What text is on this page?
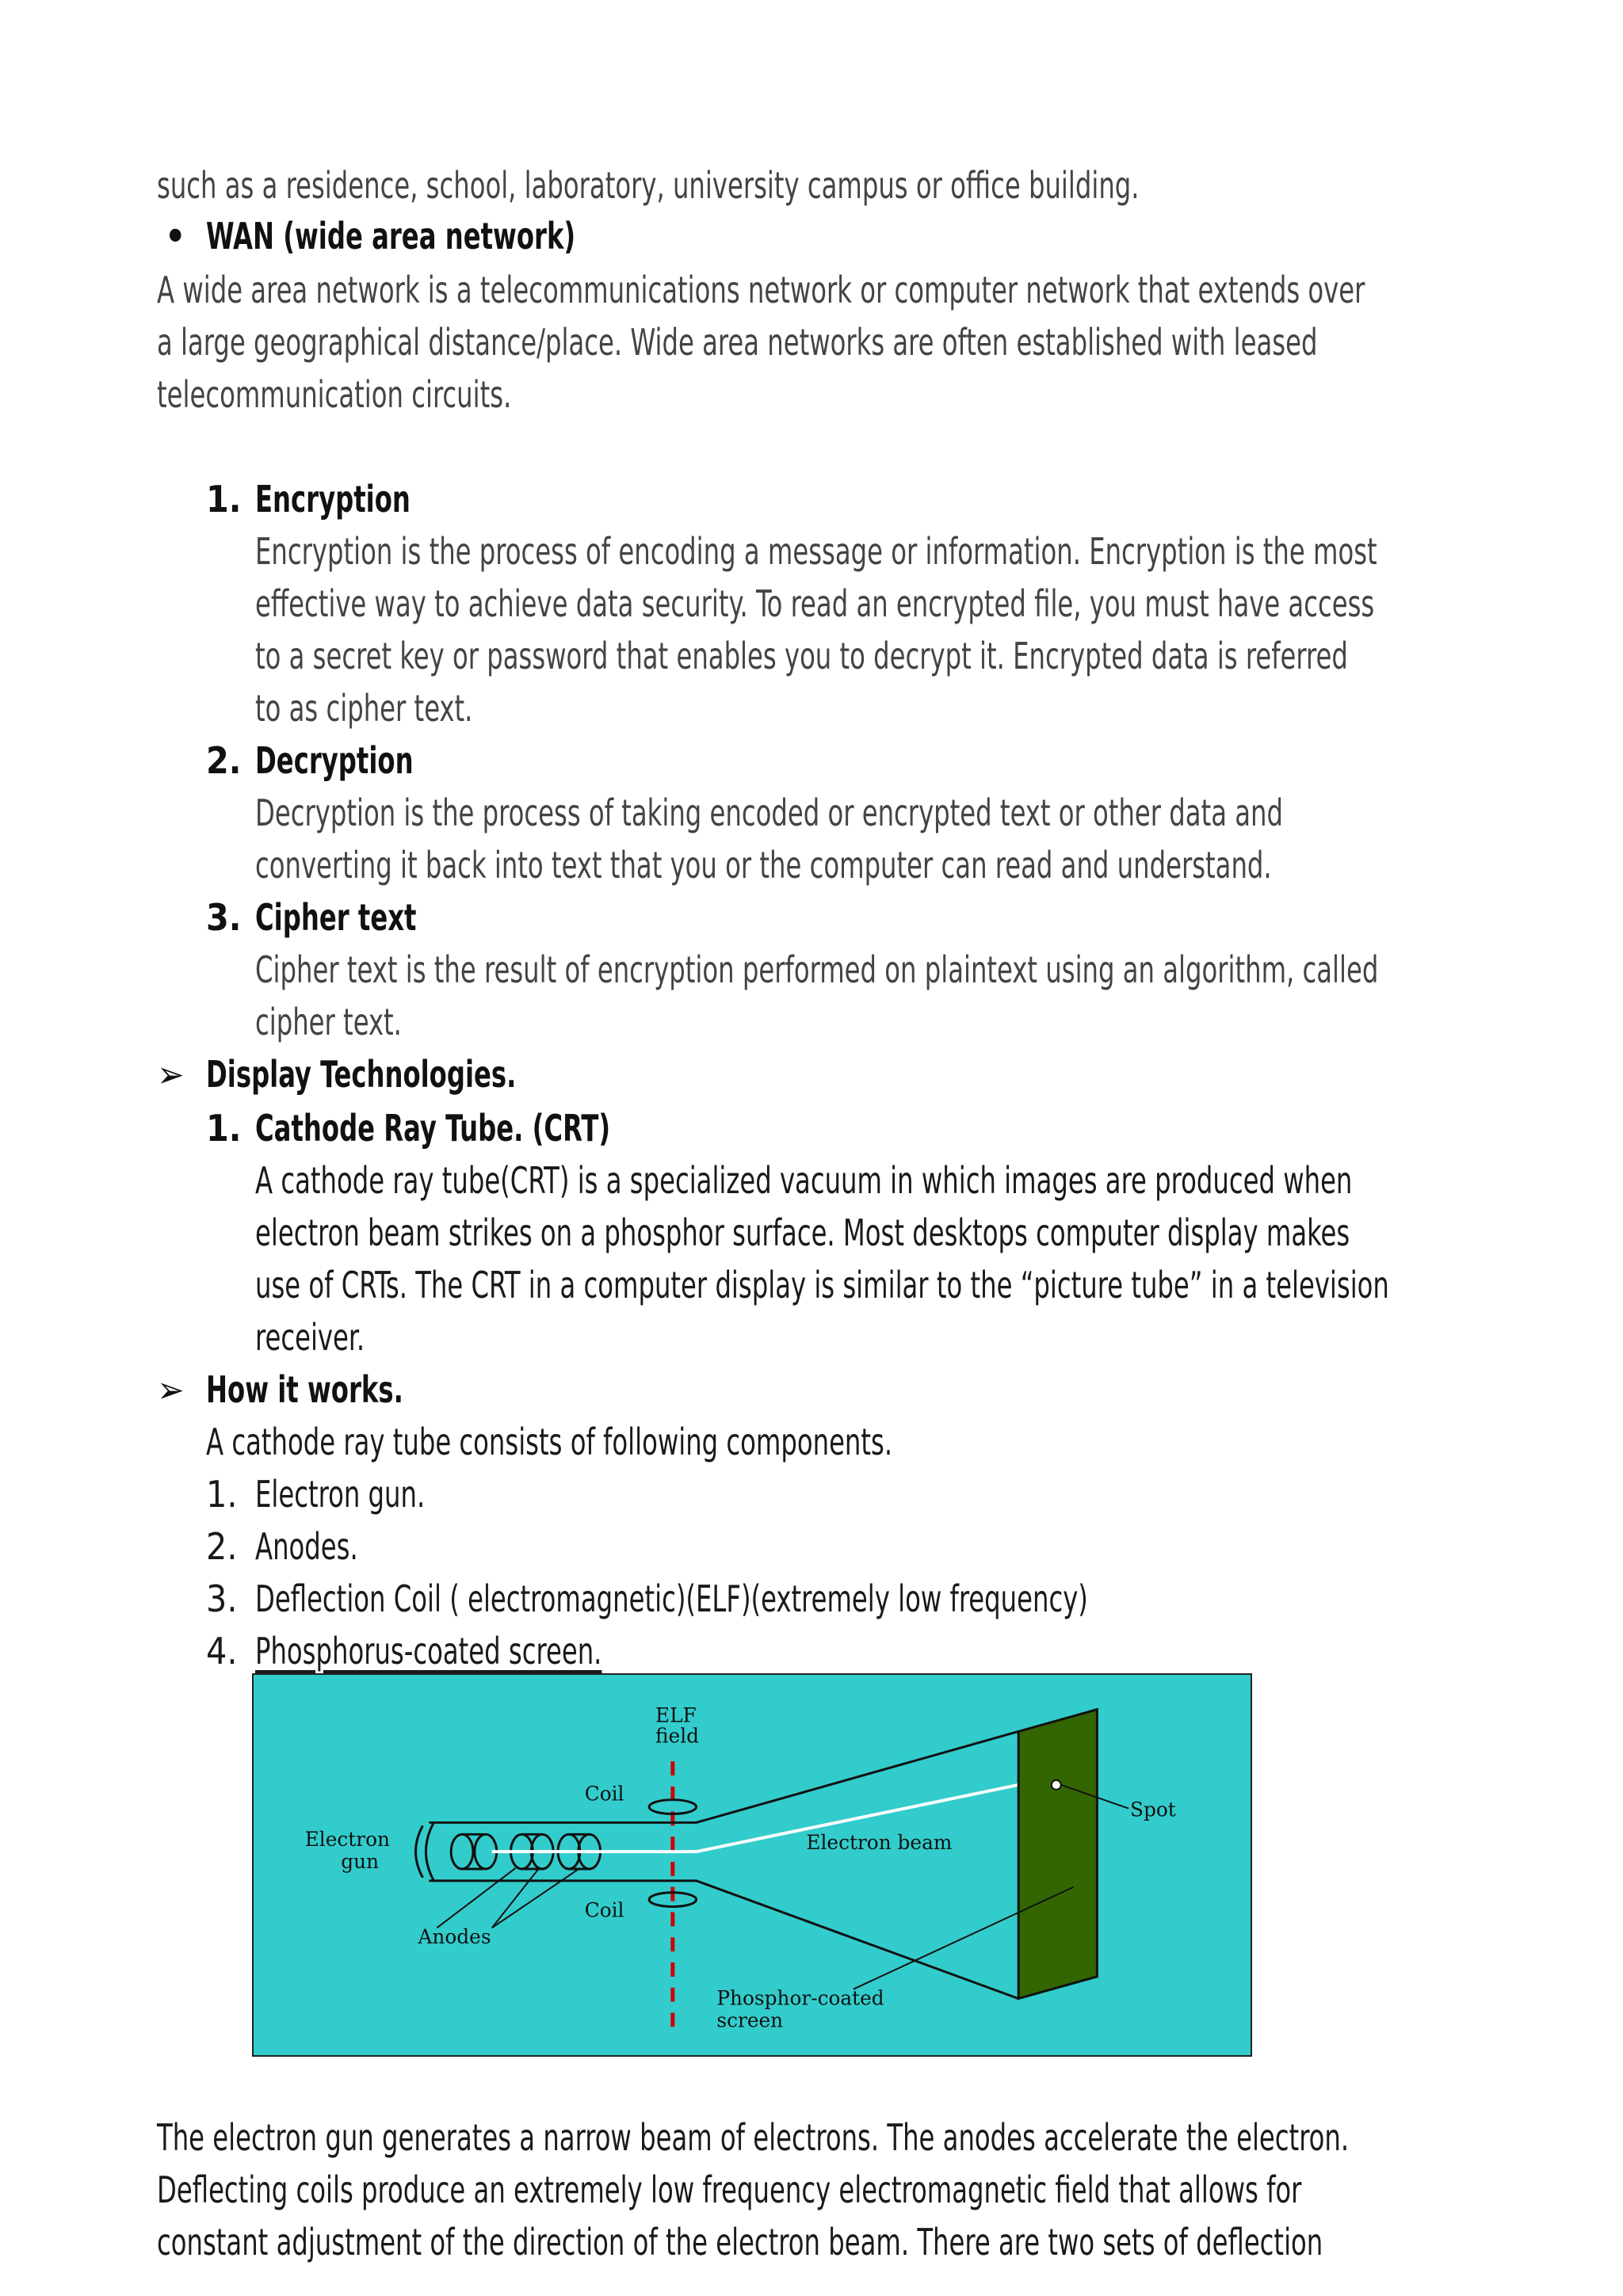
such as a residence, school, laboratory, university campus or office building.
• WAN (wide area network)
A wide area network is a telecommunications network or computer network that extends over
a large geographical distance/place. Wide area networks are often established with leased
telecommunication circuits.
1. Encryption
Encryption is the process of encoding a message or information. Encryption is the most
effective way to achieve data security. To read an encrypted file, you must have access
to a secret key or password that enables you to decrypt it. Encrypted data is referred
to as cipher text.
2. Decryption
Decryption is the process of taking encoded or encrypted text or other data and
converting it back into text that you or the computer can read and understand.
3. Cipher text
Cipher text is the result of encryption performed on plaintext using an algorithm, called
cipher text.
➢ Display Technologies.
1. Cathode Ray Tube. (CRT)
A cathode ray tube(CRT) is a specialized vacuum in which images are produced when
electron beam strikes on a phosphor surface. Most desktops computer display makes
use of CRTs. The CRT in a computer display is similar to the “picture tube” in a television
receiver.
➢ How it works.
A cathode ray tube consists of following components.
1. Electron gun.
2. Anodes.
3. Deflection Coil ( electromagnetic)(ELF)(extremely low frequency)
4. Phosphorus-coated screen.
ELF
field
Coil
Coil
Electron beam
Electron
gun
Anodes
Spot
Phosphor-coated
screen
The electron gun generates a narrow beam of electrons. The anodes accelerate the electron.
Deflecting coils produce an extremely low frequency electromagnetic field that allows for
constant adjustment of the direction of the electron beam. There are two sets of deflection
